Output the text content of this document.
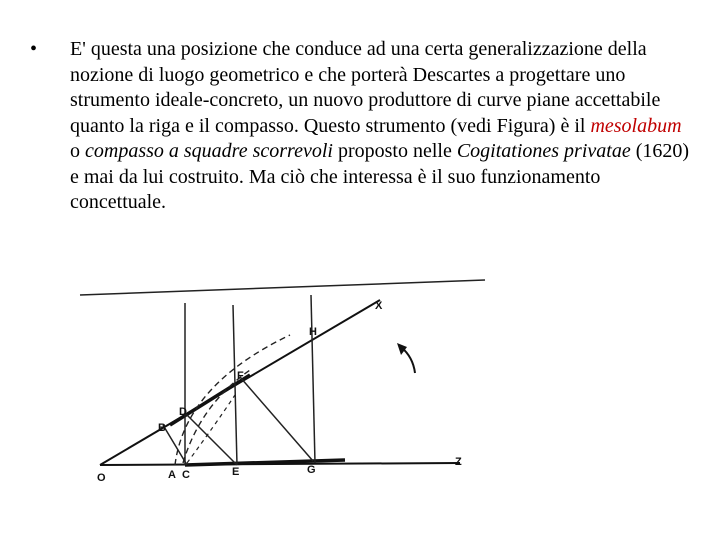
• E' questa una posizione che conduce ad una certa generalizzazione della nozione di luogo geometrico e che porterà Descartes a progettare uno strumento ideale-concreto, un nuovo produttore di curve piane accettabile quanto la riga e il compasso. Questo strumento (vedi Figura) è il mesolabum o compasso a squadre scorrevoli proposto nelle Cogitationes privatae (1620) e mai da lui costruito. Ma ciò che interessa è il suo funzionamento concettuale.
O	A C	E	G
Z
B
D
F
H
X
